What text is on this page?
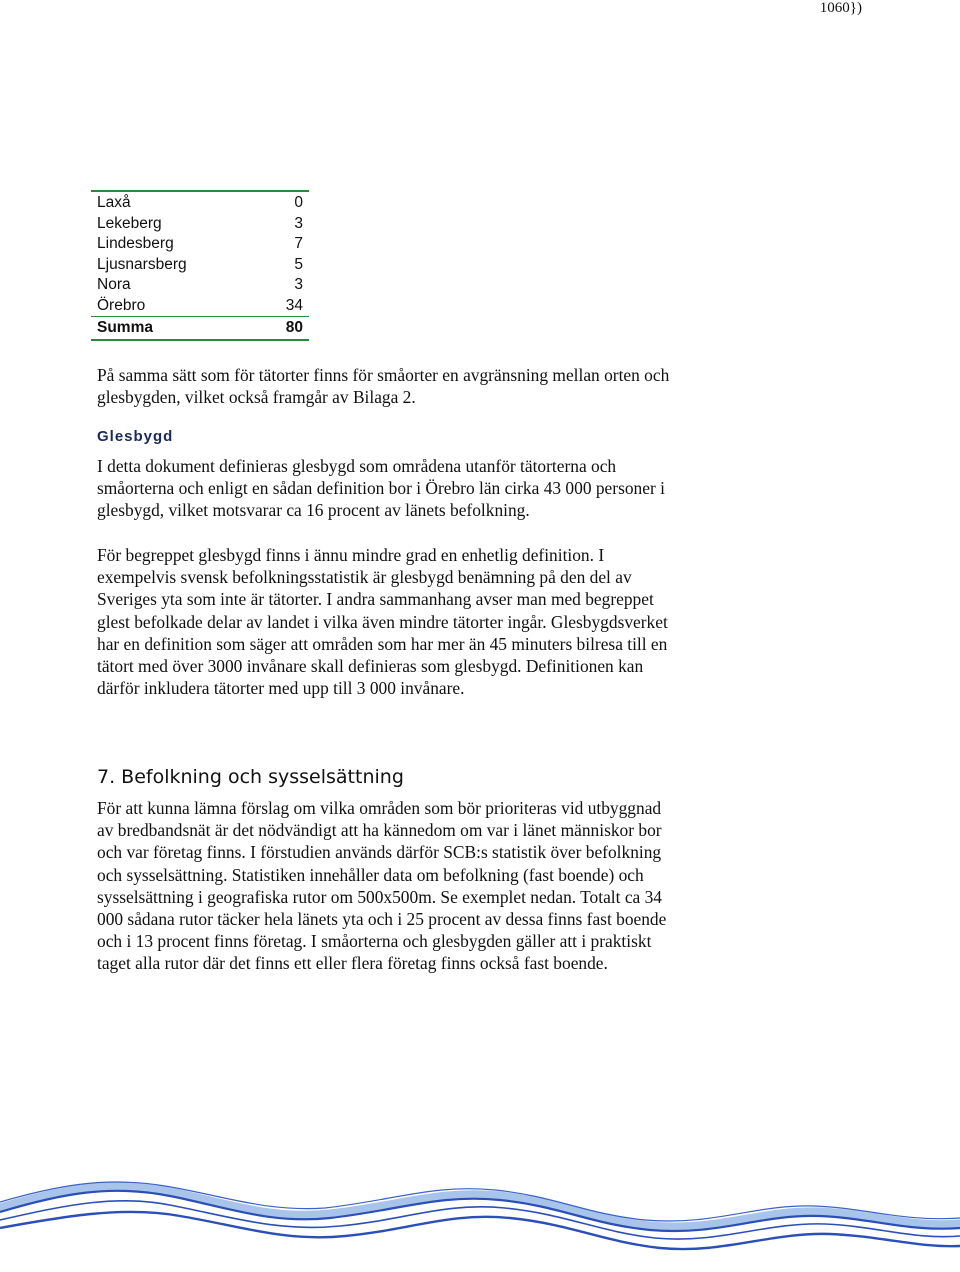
1060})
Laxå	0
Lekeberg	3
Lindesberg	7
Ljusnarsberg	5
Nora	3
Örebro	34
Summa	80

På samma sätt som för tätorter finns för småorter en avgränsning mellan orten och glesbygden, vilket också framgår av Bilaga 2.

Glesbygd

I detta dokument definieras glesbygd som områdena utanför tätorterna och småorterna och enligt en sådan definition bor i Örebro län cirka 43 000 personer i glesbygd, vilket motsvarar ca 16 procent av länets befolkning.

För begreppet glesbygd finns i ännu mindre grad en enhetlig definition. I exempelvis svensk befolkningsstatistik är glesbygd benämning på den del av Sveriges yta som inte är tätorter. I andra sammanhang avser man med begreppet glest befolkade delar av landet i vilka även mindre tätorter ingår. Glesbygdsverket har en definition som säger att områden som har mer än 45 minuters bilresa till en tätort med över 3000 invånare skall definieras som glesbygd. Definitionen kan därför inkludera tätorter med upp till 3 000 invånare.

7. Befolkning och sysselsättning

För att kunna lämna förslag om vilka områden som bör prioriteras vid utbyggnad av bredbandsnät är det nödvändigt att ha kännedom om var i länet människor bor och var företag finns. I förstudien används därför SCB:s statistik över befolkning och sysselsättning. Statistiken innehåller data om befolkning (fast boende) och sysselsättning i geografiska rutor om 500x500m. Se exemplet nedan. Totalt ca 34 000 sådana rutor täcker hela länets yta och i 25 procent av dessa finns fast boende och i 13 procent finns företag. I småorterna och glesbygden gäller att i praktiskt taget alla rutor där det finns ett eller flera företag finns också fast boende.
